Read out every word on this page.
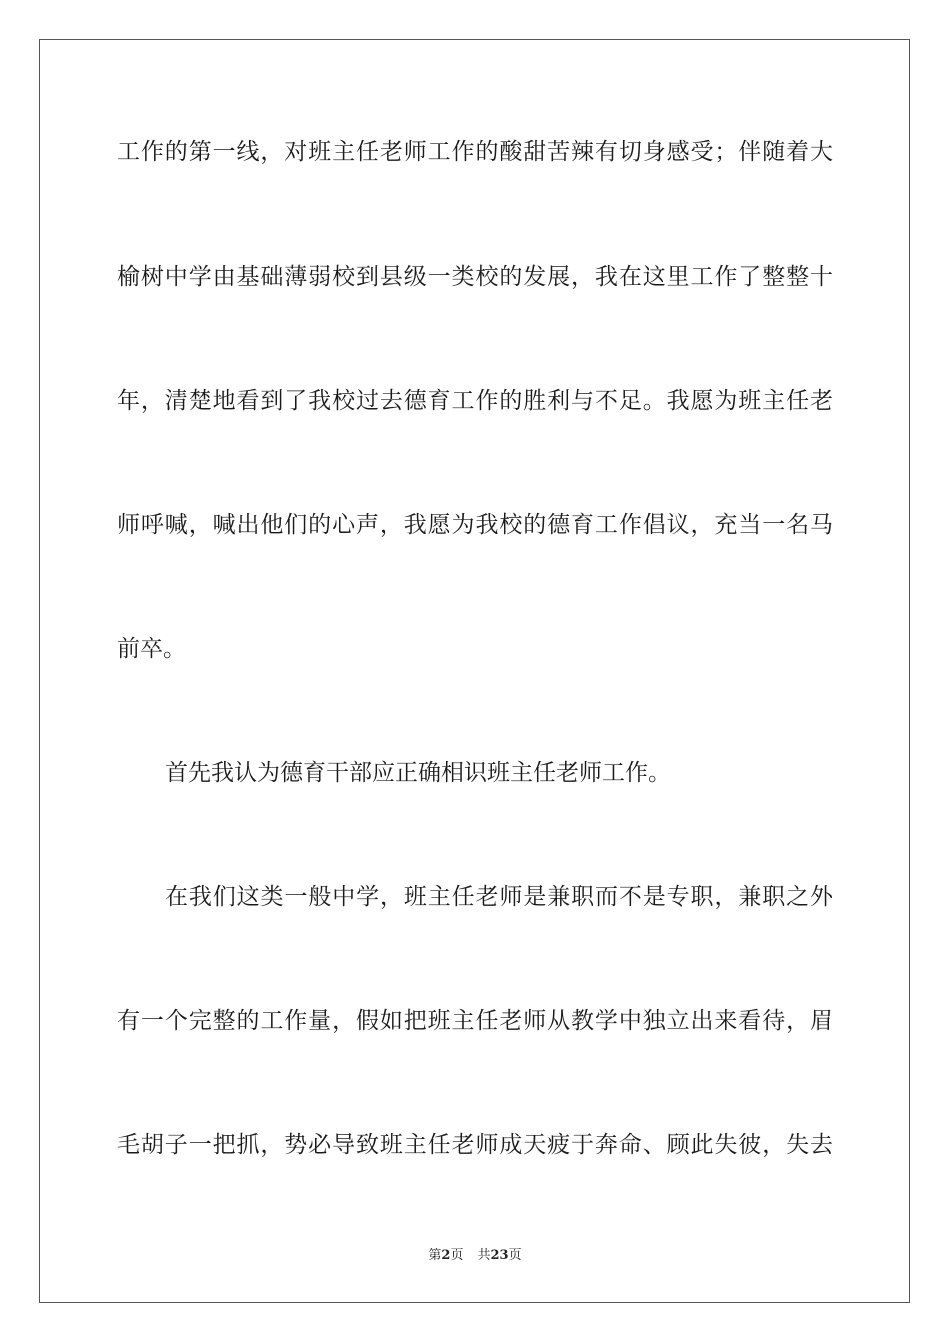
工作的第一线，对班主任老师工作的酸甜苦辣有切身感受；伴随着大
榆树中学由基础薄弱校到县级一类校的发展，我在这里工作了整整十
年，清楚地看到了我校过去德育工作的胜利与不足。我愿为班主任老
师呼喊，喊出他们的心声，我愿为我校的德育工作倡议，充当一名马
前卒。
首先我认为德育干部应正确相识班主任老师工作。
在我们这类一般中学，班主任老师是兼职而不是专职，兼职之外
有一个完整的工作量，假如把班主任老师从教学中独立出来看待，眉
毛胡子一把抓，势必导致班主任老师成天疲于奔命、顾此失彼，失去
第2页 共23页
